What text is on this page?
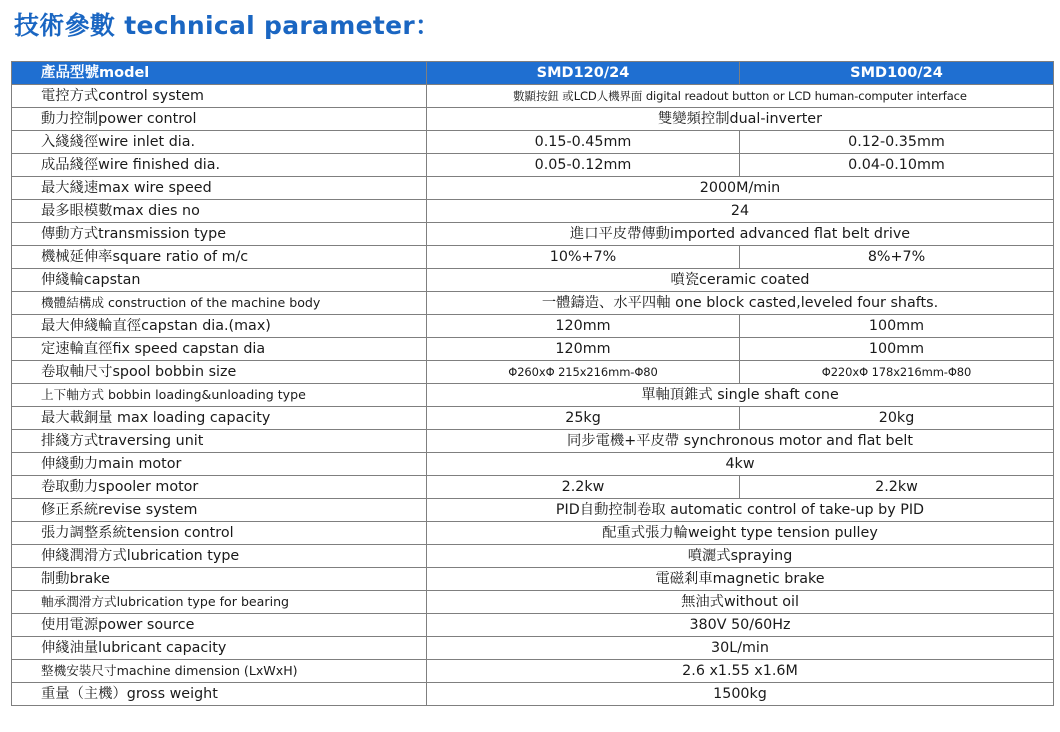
技術參數 technical parameter：
產品型號model	SMD120/24	SMD100/24
電控方式control system	數顯按鈕 或LCD人機界面 digital readout button or LCD human-computer interface	
動力控制power control	雙變頻控制dual-inverter	
入綫綫徑wire inlet dia.	0.15-0.45mm	0.12-0.35mm
成品綫徑wire finished dia.	0.05-0.12mm	0.04-0.10mm
最大綫速max wire speed	2000M/min	
最多眼模數max dies no	24	
傳動方式transmission type	進口平皮帶傳動imported advanced flat belt drive	
機械延伸率square ratio of m/c	10%+7%	8%+7%
伸綫輪capstan	噴瓷ceramic coated	
機體結構成 construction of the machine body	一體鑄造、水平四軸 one block casted,leveled four shafts.	
最大伸綫輪直徑capstan dia.(max)	120mm	100mm
定速輪直徑fix speed capstan dia	120mm	100mm
卷取軸尺寸spool bobbin size	Φ260xΦ 215x216mm-Φ80	Φ220xΦ 178x216mm-Φ80
上下軸方式 bobbin loading&unloading type	單軸頂錐式 single shaft cone	
最大載銅量 max loading capacity	25kg	20kg
排綫方式traversing unit	同步電機+平皮帶 synchronous motor and flat belt	
伸綫動力main motor	4kw	
卷取動力spooler motor	2.2kw	2.2kw
修正系統revise system	PID自動控制卷取 automatic control of take-up by PID	
張力調整系統tension control	配重式張力輪weight type tension pulley	
伸綫潤滑方式lubrication type	噴灑式spraying	
制動brake	電磁剎車magnetic brake	
軸承潤滑方式lubrication type for bearing	無油式without oil	
使用電源power source	380V 50/60Hz	
伸綫油量lubricant capacity	30L/min	
整機安裝尺寸machine dimension (LxWxH)	2.6 x1.55 x1.6M	
重量（主機）gross weight	1500kg	
